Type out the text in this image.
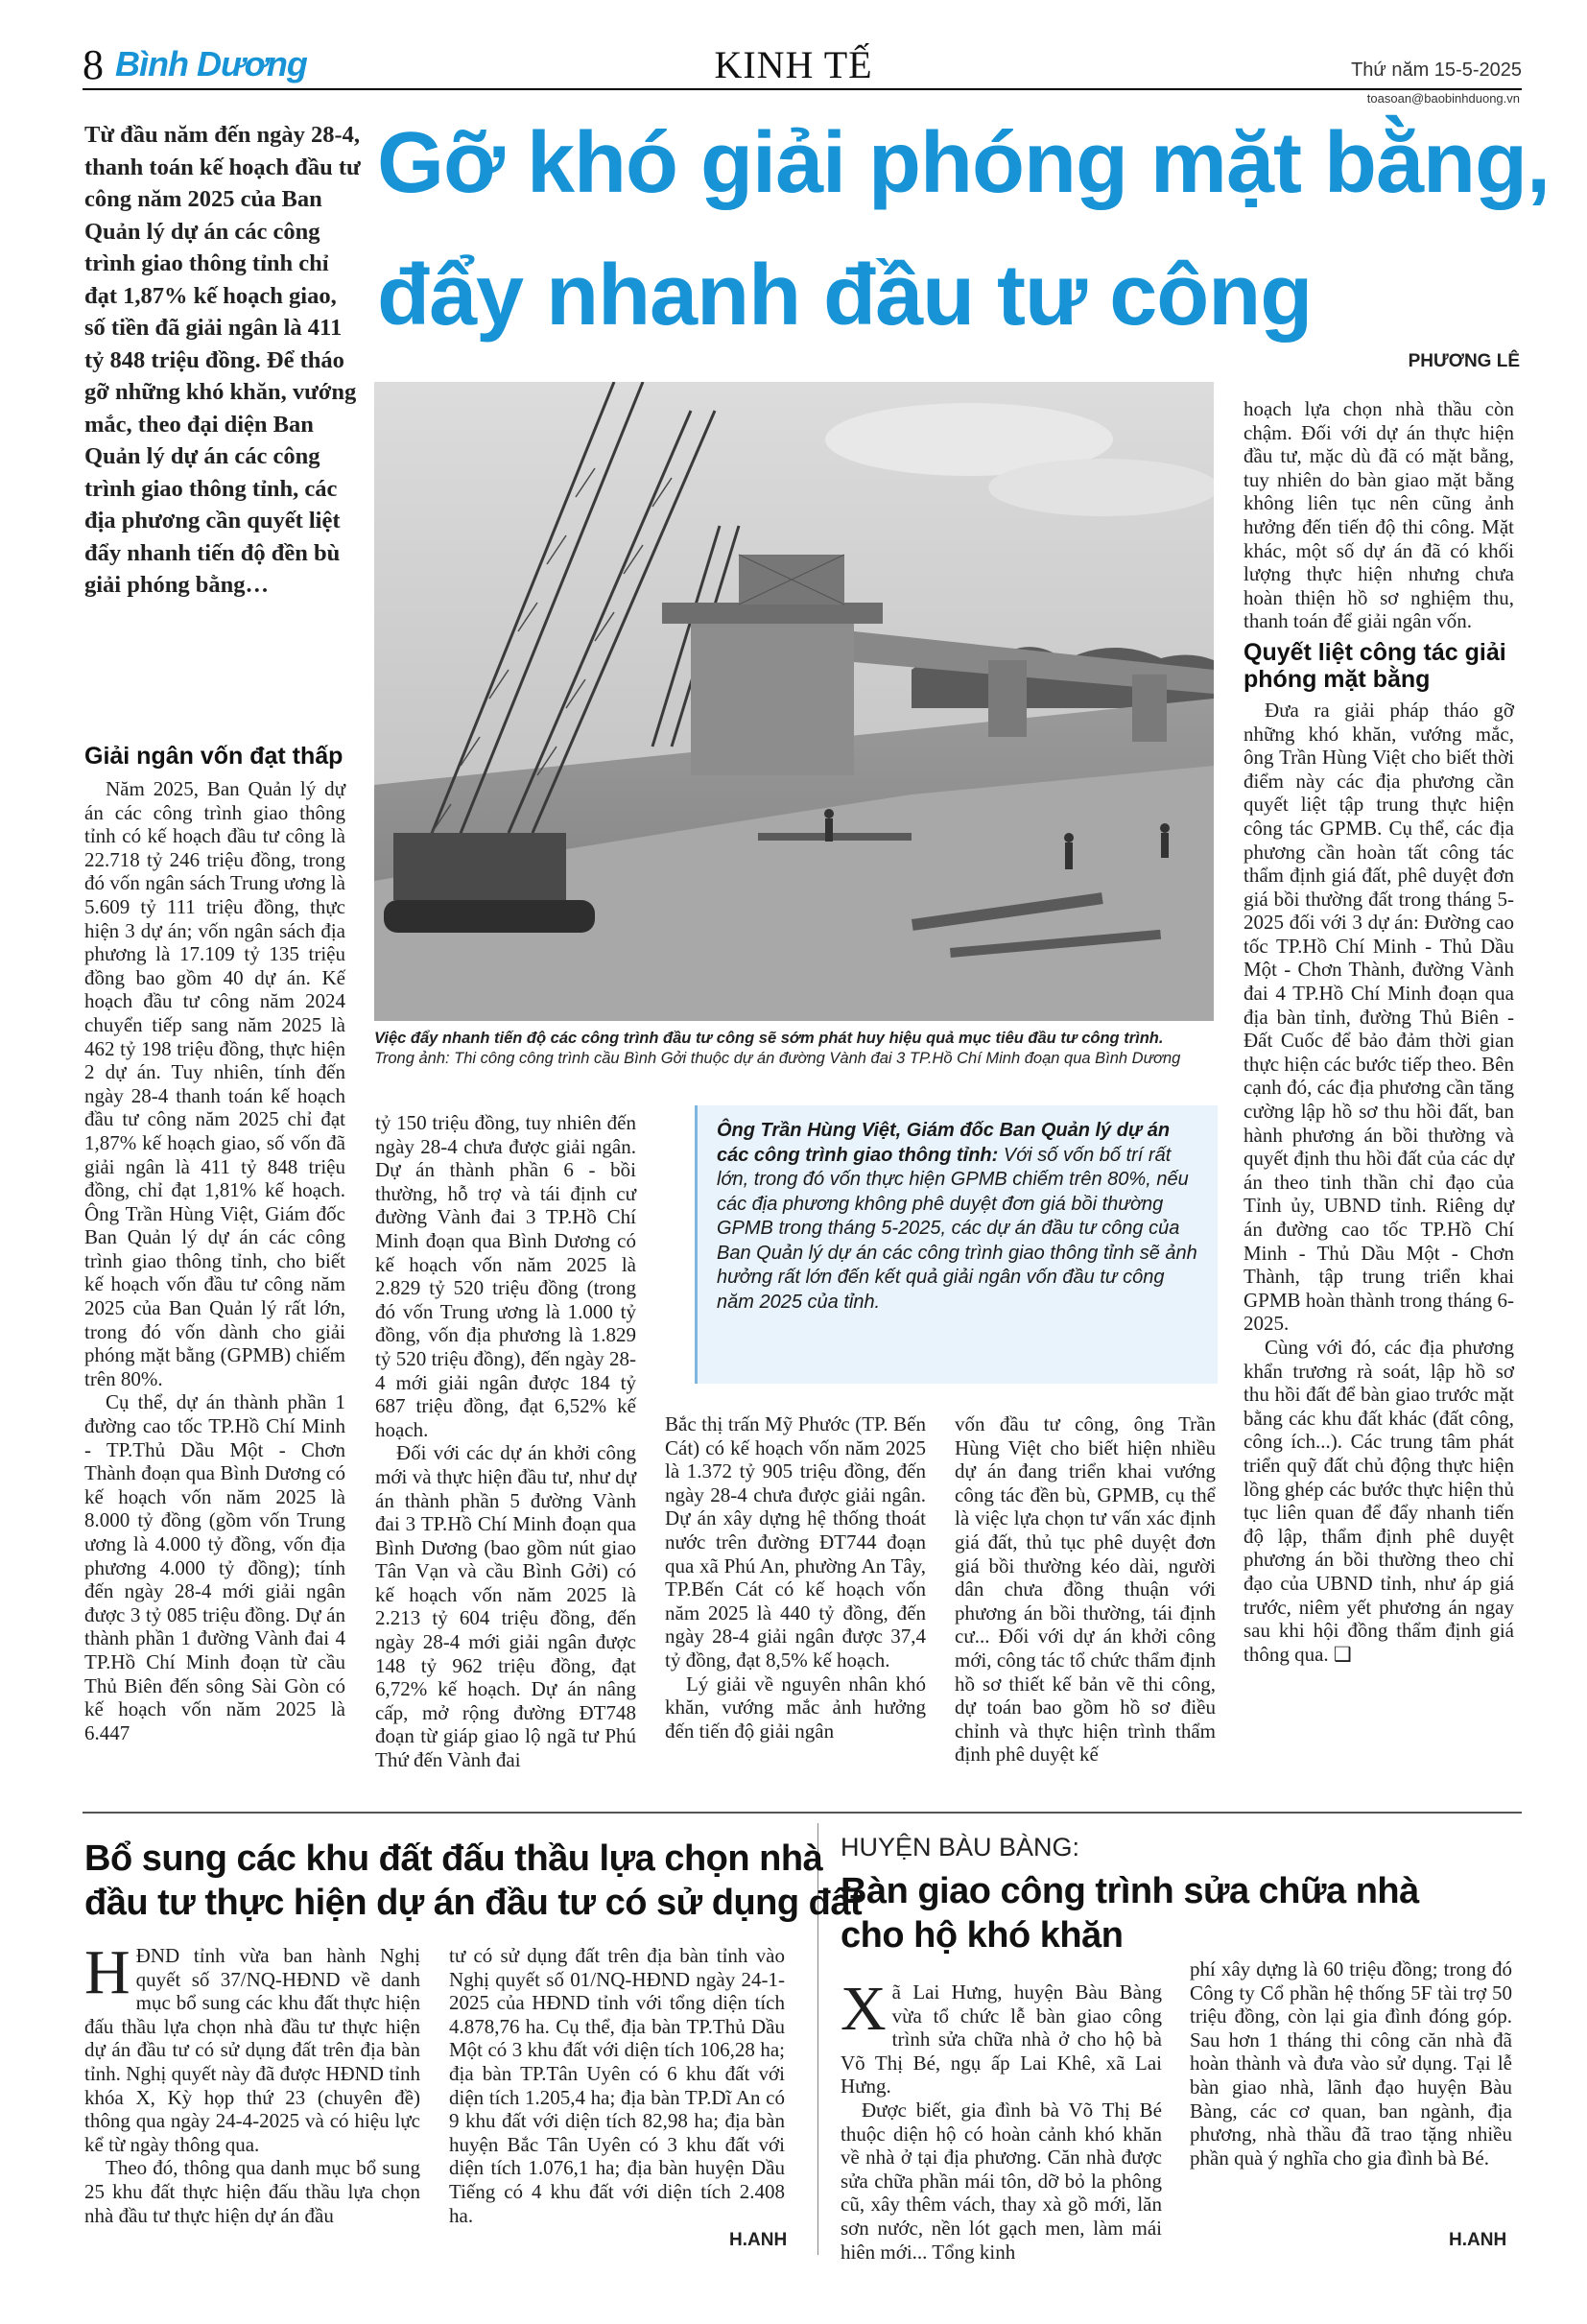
8 Bình Dương	KINH TẾ	Thứ năm 15-5-2025
toasoan@baobinhduong.vn
Từ đầu năm đến ngày 28-4, thanh toán kế hoạch đầu tư công năm 2025 của Ban Quản lý dự án các công trình giao thông tỉnh chỉ đạt 1,87% kế hoạch giao, số tiền đã giải ngân là 411 tỷ 848 triệu đồng. Để tháo gỡ những khó khăn, vướng mắc, theo đại diện Ban Quản lý dự án các công trình giao thông tỉnh, các địa phương cần quyết liệt đẩy nhanh tiến độ đền bù giải phóng bằng…
Gỡ khó giải phóng mặt bằng,
đẩy nhanh đầu tư công
PHƯƠNG LÊ
Việc đẩy nhanh tiến độ các công trình đầu tư công sẽ sớm phát huy hiệu quả mục tiêu đầu tư công trình. Trong ảnh: Thi công công trình cầu Bình Gởi thuộc dự án đường Vành đai 3 TP.Hồ Chí Minh đoạn qua Bình Dương
Giải ngân vốn đạt thấp

Năm 2025, Ban Quản lý dự án các công trình giao thông tỉnh có kế hoạch đầu tư công là 22.718 tỷ 246 triệu đồng, trong đó vốn ngân sách Trung ương là 5.609 tỷ 111 triệu đồng, thực hiện 3 dự án; vốn ngân sách địa phương là 17.109 tỷ 135 triệu đồng bao gồm 40 dự án. Kế hoạch đầu tư công năm 2024 chuyển tiếp sang năm 2025 là 462 tỷ 198 triệu đồng, thực hiện 2 dự án. Tuy nhiên, tính đến ngày 28-4 thanh toán kế hoạch đầu tư công năm 2025 chỉ đạt 1,87% kế hoạch giao, số vốn đã giải ngân là 411 tỷ 848 triệu đồng, chỉ đạt 1,81% kế hoạch. Ông Trần Hùng Việt, Giám đốc Ban Quản lý dự án các công trình giao thông tỉnh, cho biết kế hoạch vốn đầu tư công năm 2025 của Ban Quản lý rất lớn, trong đó vốn dành cho giải phóng mặt bằng (GPMB) chiếm trên 80%.

Cụ thể, dự án thành phần 1 đường cao tốc TP.Hồ Chí Minh - TP.Thủ Dầu Một - Chơn Thành đoạn qua Bình Dương có kế hoạch vốn năm 2025 là 8.000 tỷ đồng (gồm vốn Trung ương là 4.000 tỷ đồng, vốn địa phương 4.000 tỷ đồng); tính đến ngày 28-4 mới giải ngân được 3 tỷ 085 triệu đồng. Dự án thành phần 1 đường Vành đai 4 TP.Hồ Chí Minh đoạn từ cầu Thủ Biên đến sông Sài Gòn có kế hoạch vốn năm 2025 là 6.447

tỷ 150 triệu đồng, tuy nhiên đến ngày 28-4 chưa được giải ngân. Dự án thành phần 6 - bồi thường, hỗ trợ và tái định cư đường Vành đai 3 TP.Hồ Chí Minh đoạn qua Bình Dương có kế hoạch vốn năm 2025 là 2.829 tỷ 520 triệu đồng (trong đó vốn Trung ương là 1.000 tỷ đồng, vốn địa phương là 1.829 tỷ 520 triệu đồng), đến ngày 28-4 mới giải ngân được 184 tỷ 687 triệu đồng, đạt 6,52% kế hoạch.

Đối với các dự án khởi công mới và thực hiện đầu tư, như dự án thành phần 5 đường Vành đai 3 TP.Hồ Chí Minh đoạn qua Bình Dương (bao gồm nút giao Tân Vạn và cầu Bình Gởi) có kế hoạch vốn năm 2025 là 2.213 tỷ 604 triệu đồng, đến ngày 28-4 mới giải ngân được 148 tỷ 962 triệu đồng, đạt 6,72% kế hoạch. Dự án nâng cấp, mở rộng đường ĐT748 đoạn từ giáp giao lộ ngã tư Phú Thứ đến Vành đai

Ông Trần Hùng Việt, Giám đốc Ban Quản lý dự án các công trình giao thông tỉnh: Với số vốn bố trí rất lớn, trong đó vốn thực hiện GPMB chiếm trên 80%, nếu các địa phương không phê duyệt đơn giá bồi thường GPMB trong tháng 5-2025, các dự án đầu tư công của Ban Quản lý dự án các công trình giao thông tỉnh sẽ ảnh hưởng rất lớn đến kết quả giải ngân vốn đầu tư công năm 2025 của tỉnh.

Bắc thị trấn Mỹ Phước (TP. Bến Cát) có kế hoạch vốn năm 2025 là 1.372 tỷ 905 triệu đồng, đến ngày 28-4 chưa được giải ngân. Dự án xây dựng hệ thống thoát nước trên đường ĐT744 đoạn qua xã Phú An, phường An Tây, TP.Bến Cát có kế hoạch vốn năm 2025 là 440 tỷ đồng, đến ngày 28-4 giải ngân được 37,4 tỷ đồng, đạt 8,5% kế hoạch.

Lý giải về nguyên nhân khó khăn, vướng mắc ảnh hưởng đến tiến độ giải ngân

vốn đầu tư công, ông Trần Hùng Việt cho biết hiện nhiều dự án đang triển khai vướng công tác đền bù, GPMB, cụ thể là việc lựa chọn tư vấn xác định giá đất, thủ tục phê duyệt đơn giá bồi thường kéo dài, người dân chưa đồng thuận với phương án bồi thường, tái định cư... Đối với dự án khởi công mới, công tác tổ chức thẩm định hồ sơ thiết kế bản vẽ thi công, dự toán bao gồm hồ sơ điều chỉnh và thực hiện trình thẩm định phê duyệt kế

hoạch lựa chọn nhà thầu còn chậm. Đối với dự án thực hiện đầu tư, mặc dù đã có mặt bằng, tuy nhiên do bàn giao mặt bằng không liên tục nên cũng ảnh hưởng đến tiến độ thi công. Mặt khác, một số dự án đã có khối lượng thực hiện nhưng chưa hoàn thiện hồ sơ nghiệm thu, thanh toán để giải ngân vốn.

Quyết liệt công tác giải phóng mặt bằng

Đưa ra giải pháp tháo gỡ những khó khăn, vướng mắc, ông Trần Hùng Việt cho biết thời điểm này các địa phương cần quyết liệt tập trung thực hiện công tác GPMB. Cụ thể, các địa phương cần hoàn tất công tác thẩm định giá đất, phê duyệt đơn giá bồi thường đất trong tháng 5-2025 đối với 3 dự án: Đường cao tốc TP.Hồ Chí Minh - Thủ Dầu Một - Chơn Thành, đường Vành đai 4 TP.Hồ Chí Minh đoạn qua địa bàn tỉnh, đường Thủ Biên - Đất Cuốc để bảo đảm thời gian thực hiện các bước tiếp theo. Bên cạnh đó, các địa phương cần tăng cường lập hồ sơ thu hồi đất, ban hành phương án bồi thường và quyết định thu hồi đất của các dự án theo tinh thần chỉ đạo của Tỉnh ủy, UBND tỉnh. Riêng dự án đường cao tốc TP.Hồ Chí Minh - Thủ Dầu Một - Chơn Thành, tập trung triển khai GPMB hoàn thành trong tháng 6-2025.

Cùng với đó, các địa phương khẩn trương rà soát, lập hồ sơ thu hồi đất để bàn giao trước mặt bằng các khu đất khác (đất công, công ích...). Các trung tâm phát triển quỹ đất chủ động thực hiện lồng ghép các bước thực hiện thủ tục liên quan để đẩy nhanh tiến độ lập, thẩm định phê duyệt phương án bồi thường theo chỉ đạo của UBND tỉnh, như áp giá trước, niêm yết phương án ngay sau khi hội đồng thẩm định giá thông qua. ❑

Bổ sung các khu đất đấu thầu lựa chọn nhà
đầu tư thực hiện dự án đầu tư có sử dụng đất

HĐND tỉnh vừa ban hành Nghị quyết số 37/NQ-HĐND về danh mục bổ sung các khu đất thực hiện đấu thầu lựa chọn nhà đầu tư thực hiện dự án đầu tư có sử dụng đất trên địa bàn tỉnh. Nghị quyết này đã được HĐND tỉnh khóa X, Kỳ họp thứ 23 (chuyên đề) thông qua ngày 24-4-2025 và có hiệu lực kể từ ngày thông qua.

Theo đó, thông qua danh mục bổ sung 25 khu đất thực hiện đấu thầu lựa chọn nhà đầu tư thực hiện dự án đầu

tư có sử dụng đất trên địa bàn tỉnh vào Nghị quyết số 01/NQ-HĐND ngày 24-1-2025 của HĐND tỉnh với tổng diện tích 4.878,76 ha. Cụ thể, địa bàn TP.Thủ Dầu Một có 3 khu đất với diện tích 106,28 ha; địa bàn TP.Tân Uyên có 6 khu đất với diện tích 1.205,4 ha; địa bàn TP.Dĩ An có 9 khu đất với diện tích 82,98 ha; địa bàn huyện Bắc Tân Uyên có 3 khu đất với diện tích 1.076,1 ha; địa bàn huyện Dầu Tiếng có 4 khu đất với diện tích 2.408 ha.

H.ANH
HUYỆN BÀU BÀNG:
Bàn giao công trình sửa chữa nhà
cho hộ khó khăn

Xã Lai Hưng, huyện Bàu Bàng vừa tổ chức lễ bàn giao công trình sửa chữa nhà ở cho hộ bà Võ Thị Bé, ngụ ấp Lai Khê, xã Lai Hưng.

Được biết, gia đình bà Võ Thị Bé thuộc diện hộ có hoàn cảnh khó khăn về nhà ở tại địa phương. Căn nhà được sửa chữa phần mái tôn, dỡ bỏ la phông cũ, xây thêm vách, thay xà gồ mới, lăn sơn nước, nền lót gạch men, làm mái hiên mới... Tổng kinh

phí xây dựng là 60 triệu đồng; trong đó Công ty Cổ phần hệ thống 5F tài trợ 50 triệu đồng, còn lại gia đình đóng góp. Sau hơn 1 tháng thi công căn nhà đã hoàn thành và đưa vào sử dụng. Tại lễ bàn giao nhà, lãnh đạo huyện Bàu Bàng, các cơ quan, ban ngành, địa phương, nhà thầu đã trao tặng nhiều phần quà ý nghĩa cho gia đình bà Bé.

H.ANH
